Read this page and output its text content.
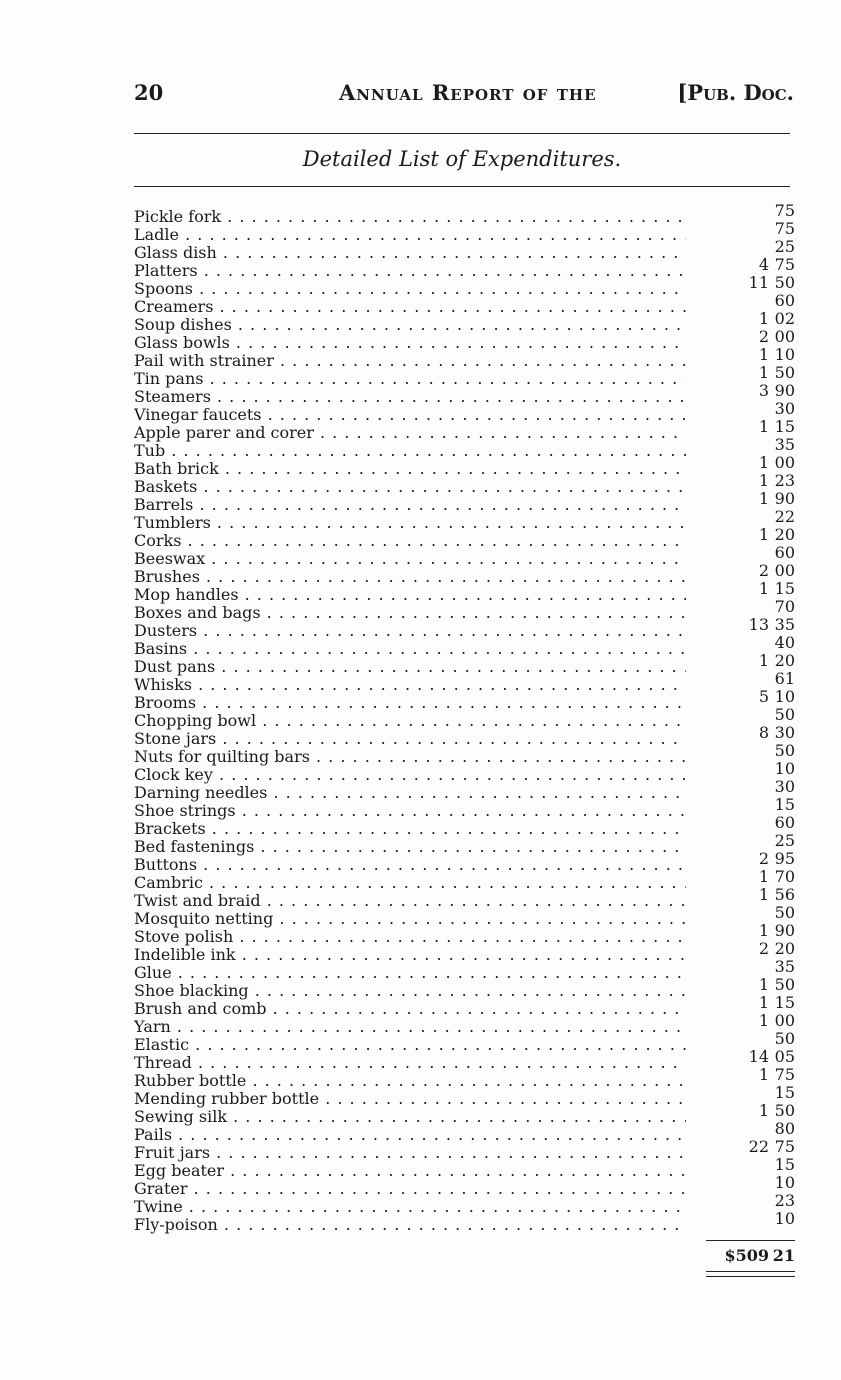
20	Annual Report of the	[Pub. Doc.
Detailed List of Expenditures.
Pickle fork . . .	75
Ladle . . .	75
Glass dish . . .	25
Platters . . .	4 75
Spoons . . .	11 50
Creamers . . .	60
Soup dishes . . .	1 02
Glass bowls . . .	2 00
Pail with strainer . . .	1 10
Tin pans . . .	1 50
Steamers . . .	3 90
Vinegar faucets . . .	30
Apple parer and corer . . .	1 15
Tub . . .	35
Bath brick . . .	1 00
Baskets . . .	1 23
Barrels . . .	1 90
Tumblers . . .	22
Corks . . .	1 20
Beeswax . . .	60
Brushes . . .	2 00
Mop handles . . .	1 15
Boxes and bags . . .	70
Dusters . . .	13 35
Basins . . .	40
Dust pans . . .	1 20
Whisks . . .	61
Brooms . . .	5 10
Chopping bowl . . .	50
Stone jars . . .	8 30
Nuts for quilting bars . . .	50
Clock key . . .	10
Darning needles . . .	30
Shoe strings . . .	15
Brackets . . .	60
Bed fastenings . . .	25
Buttons . . .	2 95
Cambric . . .	1 70
Twist and braid . . .	1 56
Mosquito netting . . .	50
Stove polish . . .	1 90
Indelible ink . . .	2 20
Glue . . .	35
Shoe blacking . . .	1 50
Brush and comb . . .	1 15
Yarn . . .	1 00
Elastic . . .	50
Thread . . .	14 05
Rubber bottle . . .	1 75
Mending rubber bottle . . .	15
Sewing silk . . .	1 50
Pails . . .	80
Fruit jars . . .	22 75
Egg beater . . .	15
Grater . . .	10
Twine . . .	23
Fly-poison . . .	10
$509 21
